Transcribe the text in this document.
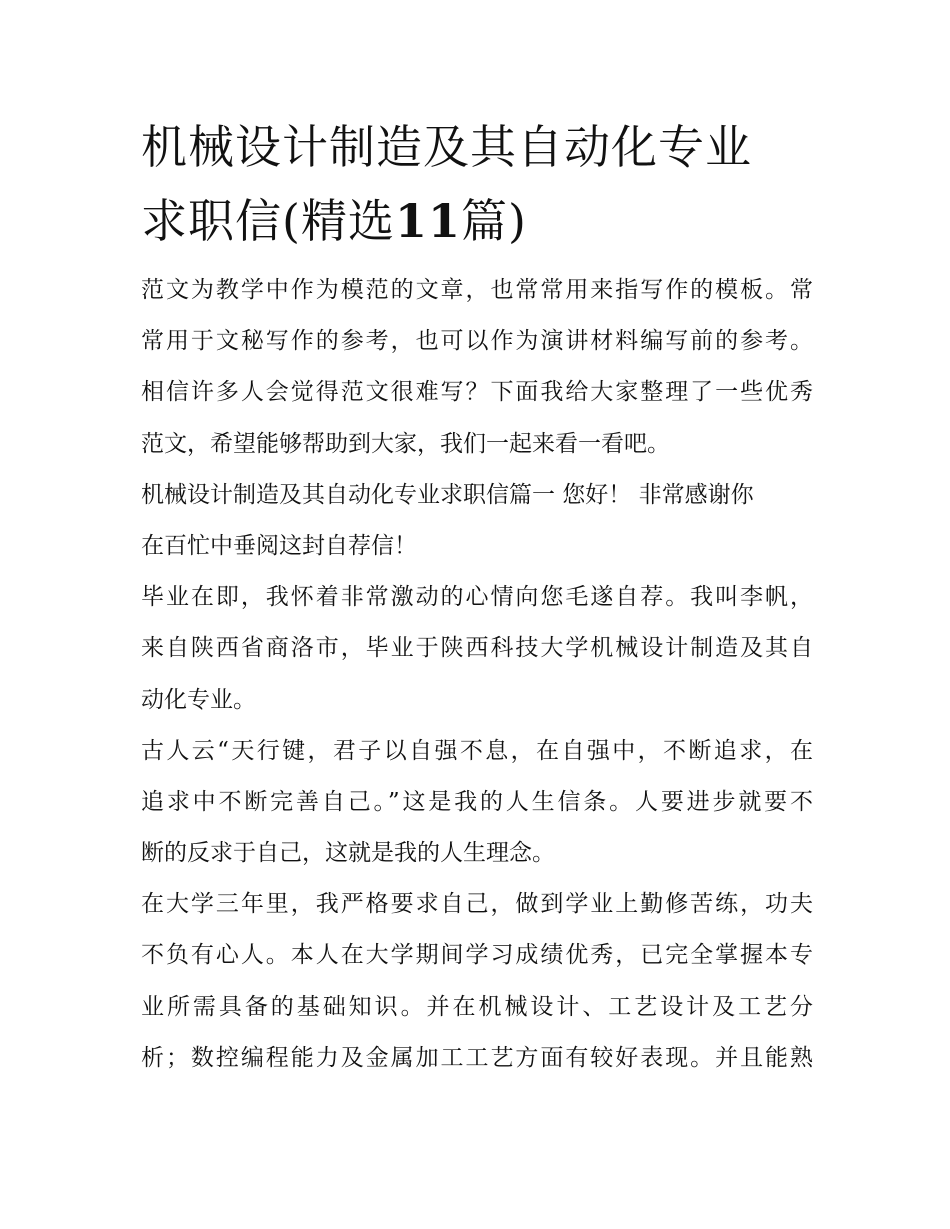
机械设计制造及其自动化专业
求职信(精选11篇)
范文为教学中作为模范的文章，也常常用来指写作的模板。常
常用于文秘写作的参考，也可以作为演讲材料编写前的参考。
相信许多人会觉得范文很难写？下面我给大家整理了一些优秀
范文，希望能够帮助到大家，我们一起来看一看吧。
机械设计制造及其自动化专业求职信篇一 您好！ 非常感谢你
在百忙中垂阅这封自荐信！
毕业在即，我怀着非常激动的心情向您毛遂自荐。我叫李帆，
来自陕西省商洛市，毕业于陕西科技大学机械设计制造及其自
动化专业。
古人云“天行键，君子以自强不息，在自强中，不断追求，在
追求中不断完善自己。”这是我的人生信条。人要进步就要不
断的反求于自己，这就是我的人生理念。
在大学三年里，我严格要求自己，做到学业上勤修苦练，功夫
不负有心人。本人在大学期间学习成绩优秀，已完全掌握本专
业所需具备的基础知识。并在机械设计、工艺设计及工艺分
析；数控编程能力及金属加工工艺方面有较好表现。并且能熟
